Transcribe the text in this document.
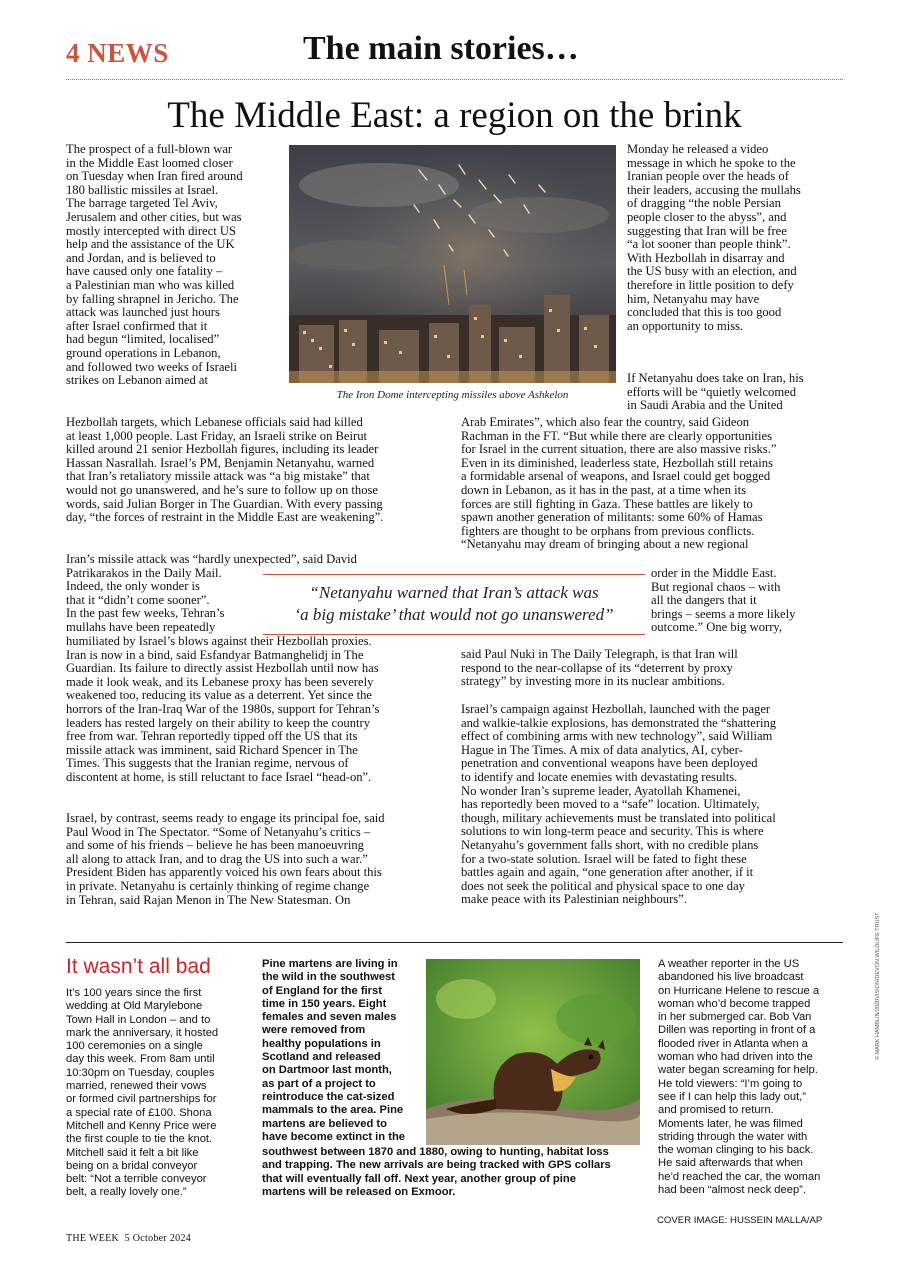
4 NEWS	The main stories…
The Middle East: a region on the brink
The prospect of a full-blown war
in the Middle East loomed closer
on Tuesday when Iran fired around
180 ballistic missiles at Israel.
The barrage targeted Tel Aviv,
Jerusalem and other cities, but was
mostly intercepted with direct US
help and the assistance of the UK
and Jordan, and is believed to
have caused only one fatality –
a Palestinian man who was killed
by falling shrapnel in Jericho. The
attack was launched just hours
after Israel confirmed that it
had begun “limited, localised”
ground operations in Lebanon,
and followed two weeks of Israeli
strikes on Lebanon aimed at
The Iron Dome intercepting missiles above Ashkelon
Monday he released a video
message in which he spoke to the
Iranian people over the heads of
their leaders, accusing the mullahs
of dragging “the noble Persian
people closer to the abyss”, and
suggesting that Iran will be free
“a lot sooner than people think”.
With Hezbollah in disarray and
the US busy with an election, and
therefore in little position to defy
him, Netanyahu may have
concluded that this is too good
an opportunity to miss.
If Netanyahu does take on Iran, his
efforts will be “quietly welcomed
in Saudi Arabia and the United
Hezbollah targets, which Lebanese officials said had killed
at least 1,000 people. Last Friday, an Israeli strike on Beirut
killed around 21 senior Hezbollah figures, including its leader
Hassan Nasrallah. Israel’s PM, Benjamin Netanyahu, warned
that Iran’s retaliatory missile attack was “a big mistake” that
would not go unanswered, and he’s sure to follow up on those
words, said Julian Borger in The Guardian. With every passing
day, “the forces of restraint in the Middle East are weakening”.
Arab Emirates”, which also fear the country, said Gideon
Rachman in the FT. “But while there are clearly opportunities
for Israel in the current situation, there are also massive risks.”
Even in its diminished, leaderless state, Hezbollah still retains
a formidable arsenal of weapons, and Israel could get bogged
down in Lebanon, as it has in the past, at a time when its
forces are still fighting in Gaza. These battles are likely to
spawn another generation of militants: some 60% of Hamas
fighters are thought to be orphans from previous conflicts.
“Netanyahu may dream of bringing about a new regional
Iran’s missile attack was “hardly unexpected”, said David
Patrikarakos in the Daily Mail.
Indeed, the only wonder is
that it “didn’t come sooner”.
In the past few weeks, Tehran’s
mullahs have been repeatedly
“Netanyahu warned that Iran’s attack was
‘a big mistake’ that would not go unanswered”
order in the Middle East.
But regional chaos – with
all the dangers that it
brings – seems a more likely
outcome.” One big worry,
humiliated by Israel’s blows against their Hezbollah proxies.
Iran is now in a bind, said Esfandyar Batmanghelidj in The
Guardian. Its failure to directly assist Hezbollah until now has
made it look weak, and its Lebanese proxy has been severely
weakened too, reducing its value as a deterrent. Yet since the
horrors of the Iran-Iraq War of the 1980s, support for Tehran’s
leaders has rested largely on their ability to keep the country
free from war. Tehran reportedly tipped off the US that its
missile attack was imminent, said Richard Spencer in The
Times. This suggests that the Iranian regime, nervous of
discontent at home, is still reluctant to face Israel “head-on”.
Israel, by contrast, seems ready to engage its principal foe, said
Paul Wood in The Spectator. “Some of Netanyahu’s critics –
and some of his friends – believe he has been manoeuvring
all along to attack Iran, and to drag the US into such a war.”
President Biden has apparently voiced his own fears about this
in private. Netanyahu is certainly thinking of regime change
in Tehran, said Rajan Menon in The New Statesman. On
said Paul Nuki in The Daily Telegraph, is that Iran will
respond to the near-collapse of its “deterrent by proxy
strategy” by investing more in its nuclear ambitions.
Israel’s campaign against Hezbollah, launched with the pager
and walkie-talkie explosions, has demonstrated the “shattering
effect of combining arms with new technology”, said William
Hague in The Times. A mix of data analytics, AI, cyber-
penetration and conventional weapons have been deployed
to identify and locate enemies with devastating results.
No wonder Iran’s supreme leader, Ayatollah Khamenei,
has reportedly been moved to a “safe” location. Ultimately,
though, military achievements must be translated into political
solutions to win long-term peace and security. This is where
Netanyahu’s government falls short, with no credible plans
for a two-state solution. Israel will be fated to fight these
battles again and again, “one generation after another, if it
does not seek the political and physical space to one day
make peace with its Palestinian neighbours”.
It wasn’t all bad
It’s 100 years since the first
wedding at Old Marylebone
Town Hall in London – and to
mark the anniversary, it hosted
100 ceremonies on a single
day this week. From 8am until
10:30pm on Tuesday, couples
married, renewed their vows
or formed civil partnerships for
a special rate of £100. Shona
Mitchell and Kenny Price were
the first couple to tie the knot.
Mitchell said it felt a bit like
being on a bridal conveyor
belt: “Not a terrible conveyor
belt, a really lovely one.”
Pine martens are living in
the wild in the southwest
of England for the first
time in 150 years. Eight
females and seven males
were removed from
healthy populations in
Scotland and released
on Dartmoor last month,
as part of a project to
reintroduce the cat-sized
mammals to the area. Pine
martens are believed to
have become extinct in the
© MARK HAMBLIN/2020VISION/DEVON WILDLIFE TRUST
southwest between 1870 and 1880, owing to hunting, habitat loss
and trapping. The new arrivals are being tracked with GPS collars
that will eventually fall off. Next year, another group of pine
martens will be released on Exmoor.
A weather reporter in the US
abandoned his live broadcast
on Hurricane Helene to rescue a
woman who’d become trapped
in her submerged car. Bob Van
Dillen was reporting in front of a
flooded river in Atlanta when a
woman who had driven into the
water began screaming for help.
He told viewers: “I’m going to
see if I can help this lady out,”
and promised to return.
Moments later, he was filmed
striding through the water with
the woman clinging to his back.
He said afterwards that when
he’d reached the car, the woman
had been “almost neck deep”.
COVER IMAGE: HUSSEIN MALLA/AP
THE WEEK  5 October 2024
